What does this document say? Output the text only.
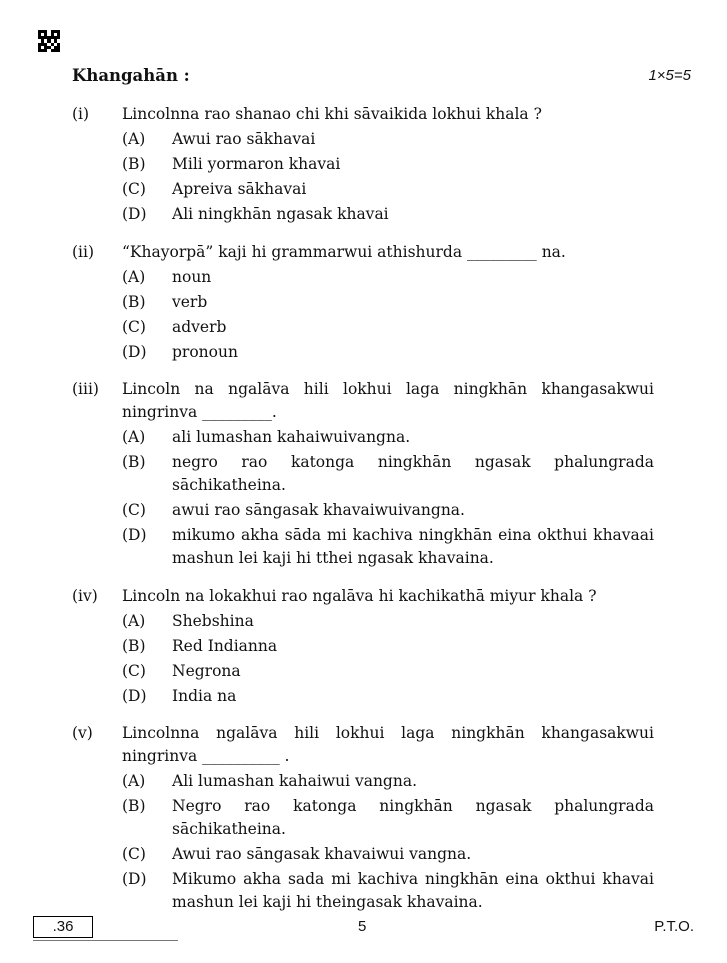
Khangahān :	1×5=5
(i) Lincolnna rao shanao chi khi sāvaikida lokhui khala ?
(A)	Awui rao sākhavai
(B)	Mili yormaron khavai
(C)	Apreiva sākhavai
(D)	Ali ningkhān ngasak khavai
(ii) “Khayorpā” kaji hi grammarwui athishurda _________ na.
(A)	noun
(B)	verb
(C)	adverb
(D)	pronoun
(iii) Lincoln na ngalāva hili lokhui laga ningkhān khangasakwui ningrinva _________.
(A)	ali lumashan kahaiwuivangna.
(B)	negro rao katonga ningkhān ngasak phalungrada sāchikatheina.
(C)	awui rao sāngasak khavaiwuivangna.
(D)	mikumo akha sāda mi kachiva ningkhān eina okthui khavaai mashun lei kaji hi tthei ngasak khavaina.
(iv) Lincoln na lokakhui rao ngalāva hi kachikathā miyur khala ?
(A)	Shebshina
(B)	Red Indianna
(C)	Negrona
(D)	India na
(v) Lincolnna ngalāva hili lokhui laga ningkhān khangasakwui ningrinva __________ .
(A)	Ali lumashan kahaiwui vangna.
(B)	Negro rao katonga ningkhān ngasak phalungrada sāchikatheina.
(C)	Awui rao sāngasak khavaiwui vangna.
(D)	Mikumo akha sada mi kachiva ningkhān eina okthui khavai mashun lei kaji hi theingasak khavaina.
.36	5	P.T.O.
